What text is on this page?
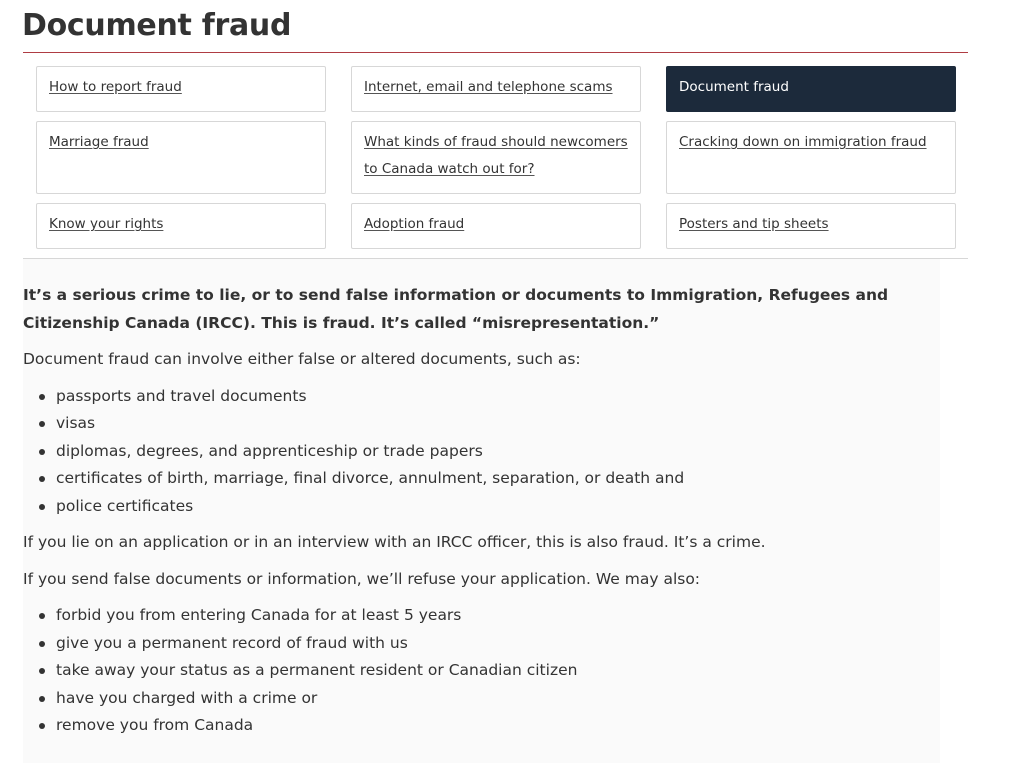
Document fraud
How to report fraud	Internet, email and telephone scams	Document fraud
Marriage fraud	What kinds of fraud should newcomers to Canada watch out for?
Cracking down on immigration fraud
Know your rights	Adoption fraud	Posters and tip sheets

It’s a serious crime to lie, or to send false information or documents to Immigration, Refugees and Citizenship Canada (IRCC). This is fraud. It’s called “misrepresentation.”

Document fraud can involve either false or altered documents, such as:

passports and travel documents
visas
diplomas, degrees, and apprenticeship or trade papers
certificates of birth, marriage, final divorce, annulment, separation, or death and
police certificates

If you lie on an application or in an interview with an IRCC officer, this is also fraud. It’s a crime.

If you send false documents or information, we’ll refuse your application. We may also:

forbid you from entering Canada for at least 5 years
give you a permanent record of fraud with us
take away your status as a permanent resident or Canadian citizen
have you charged with a crime or
remove you from Canada
